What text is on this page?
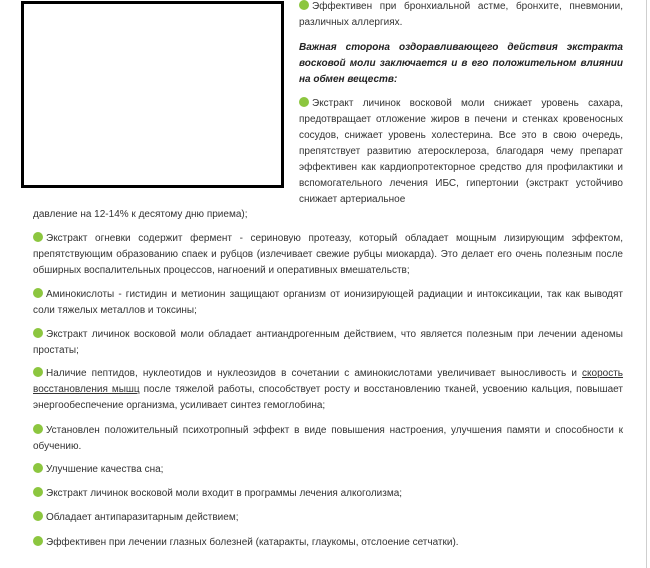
Эффективен при бронхиальной астме, бронхите, пневмонии, различных аллергиях.

Важная сторона оздоравливающего действия экстракта восковой моли заключается и в его положительном влиянии на обмен веществ:

Экстракт личинок восковой моли снижает уровень сахара, предотвращает отложение жиров в печени и стенках кровеносных сосудов, снижает уровень холестерина. Все это в свою очередь, препятствует развитию атеросклероза, благодаря чему препарат эффективен как кардиопротекторное средство для профилактики и вспомогательного лечения ИБС, гипертонии (экстракт устойчиво снижает артериальное

давление на 12-14% к десятому дню приема);

Экстракт огневки содержит фермент - сериновую протеазу, который обладает мощным лизирующим эффектом, препятствующим образованию спаек и рубцов (излечивает свежие рубцы миокарда). Это делает его очень полезным после обширных воспалительных процессов, нагноений и оперативных вмешательств;

Аминокислоты - гистидин и метионин защищают организм от ионизирующей радиации и интоксикации, так как выводят соли тяжелых металлов и токсины;

Экстракт личинок восковой моли обладает антиандрогенным действием, что является полезным при лечении аденомы простаты;

Наличие пептидов, нуклеотидов и нуклеозидов в сочетании с аминокислотами увеличивает выносливость и скорость восстановления мышц после тяжелой работы, способствует росту и восстановлению тканей, усвоению кальция, повышает энергообеспечение организма, усиливает синтез гемоглобина;

Установлен положительный психотропный эффект в виде повышения настроения, улучшения памяти и способности к обучению.

Улучшение качества сна;

Экстракт личинок восковой моли входит в программы лечения алкоголизма;

Обладает антипаразитарным действием;

Эффективен при лечении глазных болезней (катаракты, глаукомы, отслоение сетчатки).
